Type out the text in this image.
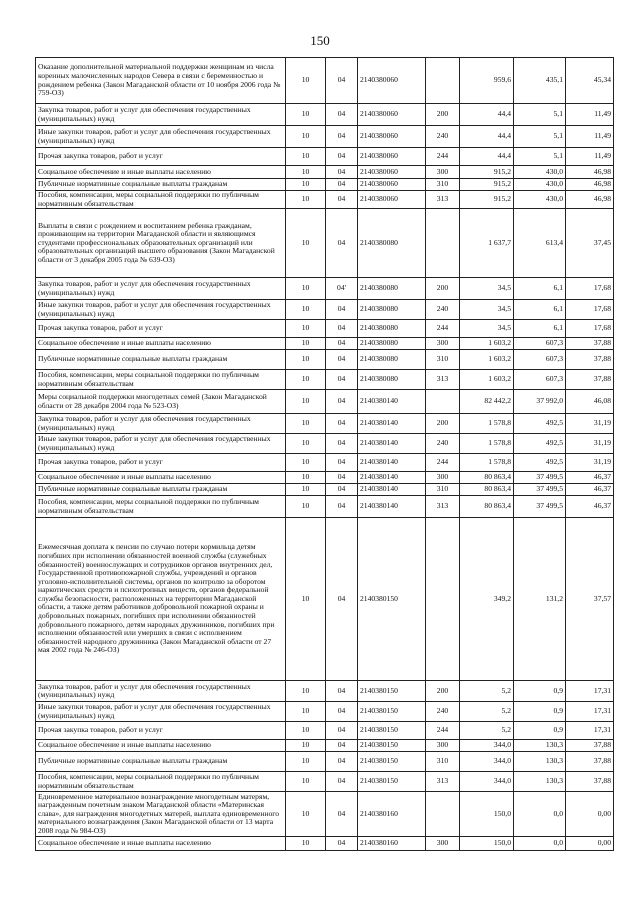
150
Оказание дополнительной материальной поддержки женщинам из числа коренных малочисленных народов Севера в связи с беременностью и рождением ребенка (Закон Магаданской области от 10 ноября 2006 года № 759-ОЗ)	10	04	2140380060		959,6	435,1	45,34
Закупка товаров, работ и услуг для обеспечения государственных (муниципальных) нужд	10	04	2140380060	200	44,4	5,1	11,49
Иные закупки товаров, работ и услуг для обеспечения государственных (муниципальных) нужд	10	04	2140380060	240	44,4	5,1	11,49
Прочая закупка товаров, работ и услуг	10	04	2140380060	244	44,4	5,1	11,49
Социальное обеспечение и иные выплаты населению	10	04	2140380060	300	915,2	430,0	46,98
Публичные нормативные социальные выплаты гражданам	10	04	2140380060	310	915,2	430,0	46,98
Пособия, компенсации, меры социальной поддержки по публичным нормативным обязательствам	10	04	2140380060	313	915,2	430,0	46,98
Выплаты в связи с рождением и воспитанием ребенка гражданам, проживающим на территории Магаданской области и являющимся студентами профессиональных образовательных организаций или образовательных организаций высшего образования (Закон Магаданской области от 3 декабря 2005 года № 639-ОЗ)	10	04	2140380080		1 637,7	613,4	37,45
Закупка товаров, работ и услуг для обеспечения государственных (муниципальных) нужд	10	04'	2140380080	200	34,5	6,1	17,68
Иные закупки товаров, работ и услуг для обеспечения государственных (муниципальных) нужд	10	04	2140380080	240	34,5	6,1	17,68
Прочая закупка товаров, работ и услуг	10	04	2140380080	244	34,5	6,1	17,68
Социальное обеспечение и иные выплаты населению	10	04	2140380080	300	1 603,2	607,3	37,88
Публичные нормативные социальные выплаты гражданам	10	04	2140380080	310	1 603,2	607,3	37,88
Пособия, компенсации, меры социальной поддержки по публичным нормативным обязательствам	10	04	2140380080	313	1 603,2	607,3	37,88
Меры социальной поддержки многодетных семей (Закон Магаданской области от 28 декабря 2004 года № 523-ОЗ)	10	04	2140380140		82 442,2	37 992,0	46,08
Закупка товаров, работ и услуг для обеспечения государственных (муниципальных) нужд	10	04	2140380140	200	1 578,8	492,5	31,19
Иные закупки товаров, работ и услуг для обеспечения государственных (муниципальных) нужд	10	04	2140380140	240	1 578,8	492,5	31,19
Прочая закупка товаров, работ и услуг	10	04	2140380140	244	1 578,8	492,5	31,19
Социальное обеспечение и иные выплаты населению	10	04	2140380140	300	80 863,4	37 499,5	46,37
Публичные нормативные социальные выплаты гражданам	10	04	2140380140	310	80 863,4	37 499,5	46,37
Пособия, компенсации, меры социальной поддержки по публичным нормативным обязательствам	10	04	2140380140	313	80 863,4	37 499,5	46,37
Ежемесячная доплата к пенсии по случаю потери кормильца детям погибших при исполнении обязанностей военной службы (служебных обязанностей) военнослужащих и сотрудников органов внутренних дел, Государственной противопожарной службы, учреждений и органов уголовно-исполнительной системы, органов по контролю за оборотом наркотических средств и психотропных веществ, органов федеральной службы безопасности, расположенных на территории Магаданской области, а также детям работников добровольной пожарной охраны и добровольных пожарных, погибших при исполнении обязанностей добровольного пожарного, детям народных дружинников, погибших при исполнении обязанностей или умерших в связи с исполнением обязанностей народного дружинника (Закон Магаданской области от 27 мая 2002 года № 246-ОЗ)	10	04	2140380150		349,2	131,2	37,57
Закупка товаров, работ и услуг для обеспечения государственных (муниципальных) нужд	10	04	2140380150	200	5,2	0,9	17,31
Иные закупки товаров, работ и услуг для обеспечения государственных (муниципальных) нужд	10	04	2140380150	240	5,2	0,9	17,31
Прочая закупка товаров, работ и услуг	10	04	2140380150	244	5,2	0,9	17,31
Социальное обеспечение и иные выплаты населению	10	04	2140380150	300	344,0	130,3	37,88
Публичные нормативные социальные выплаты гражданам	10	04	2140380150	310	344,0	130,3	37,88
Пособия, компенсации, меры социальной поддержки по публичным нормативным обязательствам	10	04	2140380150	313	344,0	130,3	37,88
Единовременное материальное вознаграждение многодетным матерям, награжденным почетным знаком Магаданской области «Материнская слава», для награждения многодетных матерей, выплата единовременного материального вознаграждения (Закон Магаданской области от 13 марта 2008 года № 984-ОЗ)	10	04	2140380160		150,0	0,0	0,00
Социальное обеспечение и иные выплаты населению	10	04	2140380160	300	150,0	0,0	0,00
